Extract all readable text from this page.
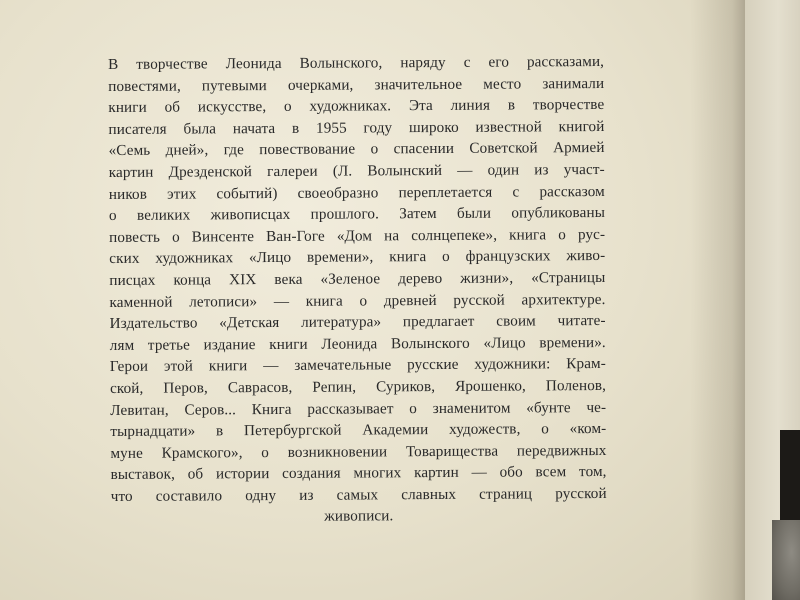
В творчестве Леонида Волынского, наряду с его рассказами,
повестями, путевыми очерками, значительное место занимали
книги об искусстве, о художниках. Эта линия в творчестве
писателя была начата в 1955 году широко известной книгой
«Семь дней», где повествование о спасении Советской Армией
картин Дрезденской галереи (Л. Волынский — один из участ-
ников этих событий) своеобразно переплетается с рассказом
о великих живописцах прошлого. Затем были опубликованы
повесть о Винсенте Ван-Гоге «Дом на солнцепеке», книга о рус-
ских художниках «Лицо времени», книга о французских живо-
писцах конца XIX века «Зеленое дерево жизни», «Страницы
каменной летописи» — книга о древней русской архитектуре.
Издательство «Детская литература» предлагает своим читате-
лям третье издание книги Леонида Волынского «Лицо времени».
Герои этой книги — замечательные русские художники: Крам-
ской, Перов, Саврасов, Репин, Суриков, Ярошенко, Поленов,
Левитан, Серов... Книга рассказывает о знаменитом «бунте че-
тырнадцати» в Петербургской Академии художеств, о «ком-
муне Крамского», о возникновении Товарищества передвижных
выставок, об истории создания многих картин — обо всем том,
что составило одну из самых славных страниц русской
живописи.
